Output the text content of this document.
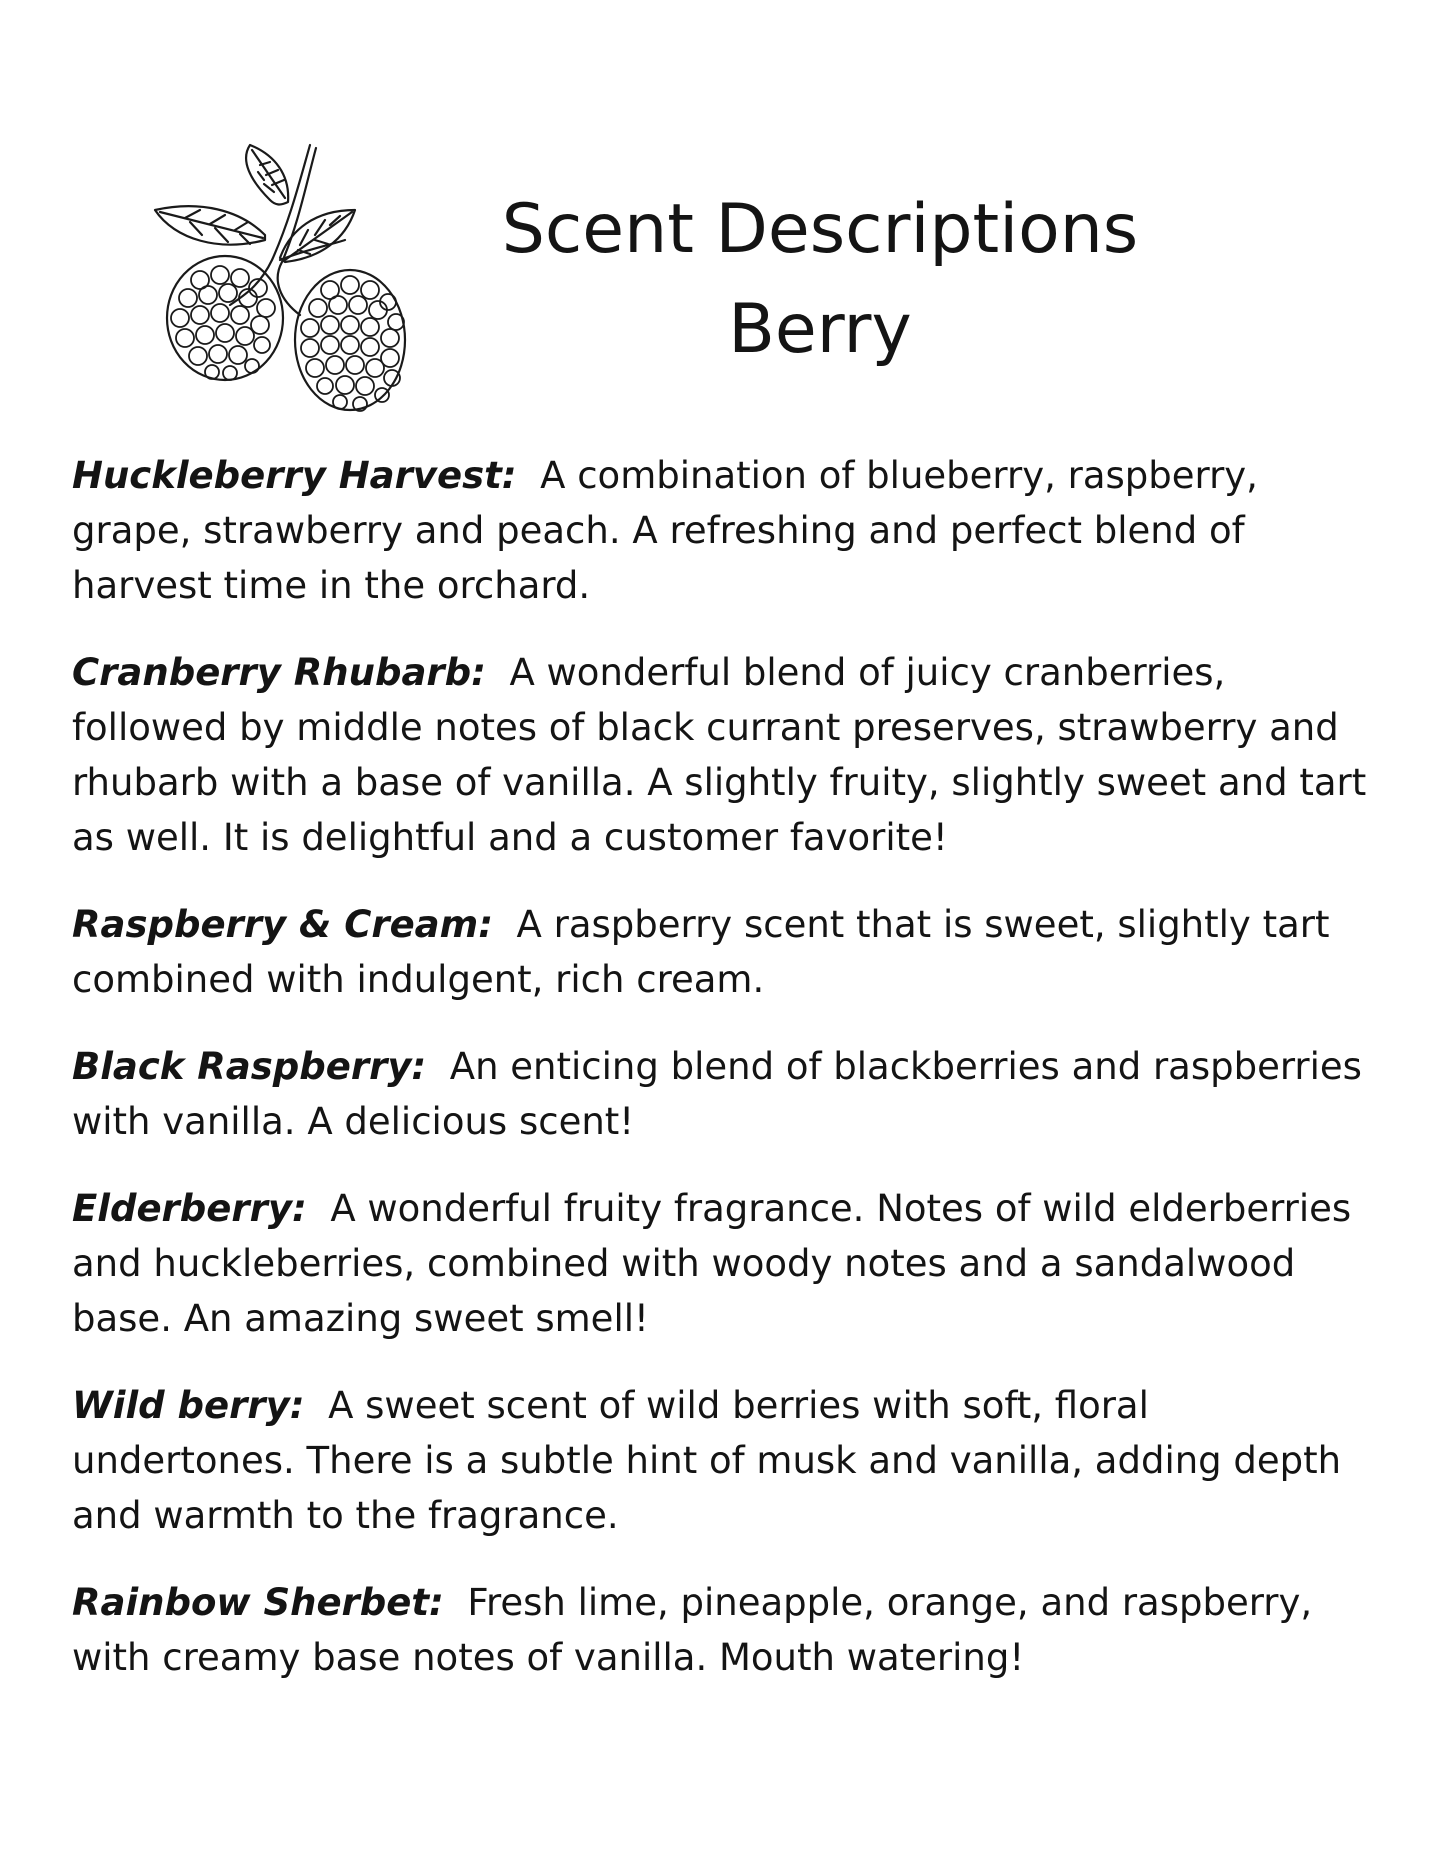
Scent Descriptions
Berry

Huckleberry Harvest: A combination of blueberry, raspberry, grape, strawberry and peach. A refreshing and perfect blend of harvest time in the orchard.

Cranberry Rhubarb: A wonderful blend of juicy cranberries, followed by middle notes of black currant preserves, strawberry and rhubarb with a base of vanilla. A slightly fruity, slightly sweet and tart as well. It is delightful and a customer favorite!

Raspberry & Cream: A raspberry scent that is sweet, slightly tart combined with indulgent, rich cream.

Black Raspberry: An enticing blend of blackberries and raspberries with vanilla. A delicious scent!

Elderberry: A wonderful fruity fragrance. Notes of wild elderberries and huckleberries, combined with woody notes and a sandalwood base. An amazing sweet smell!

Wild berry: A sweet scent of wild berries with soft, floral undertones. There is a subtle hint of musk and vanilla, adding depth and warmth to the fragrance.

Rainbow Sherbet: Fresh lime, pineapple, orange, and raspberry, with creamy base notes of vanilla. Mouth watering!
